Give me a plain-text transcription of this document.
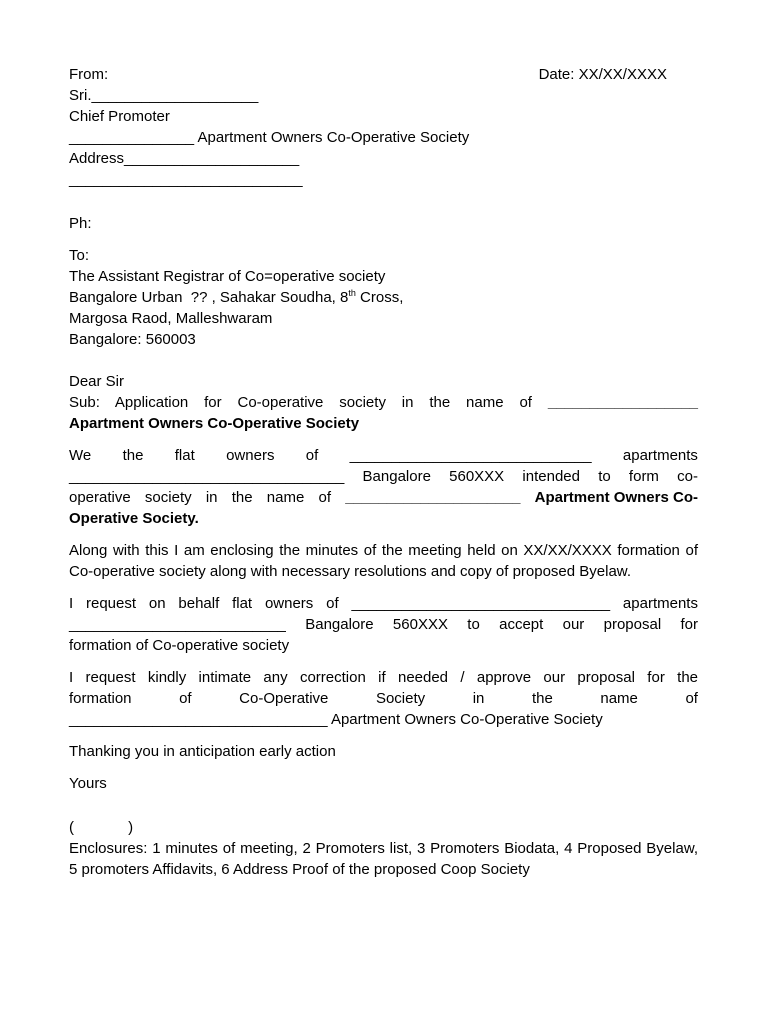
From:	Date: XX/XX/XXXX
Sri.____________________
Chief Promoter
_______________ Apartment Owners Co-Operative Society
Address_____________________
____________________________
Ph:
To:
The Assistant Registrar of Co=operative society
Bangalore Urban  ?? , Sahakar Soudha, 8th Cross,
Margosa Raod, Malleshwaram
Bangalore: 560003
Dear Sir
Sub: Application for Co-operative society in the name of __________________
Apartment Owners Co-Operative Society
We the flat owners of _____________________________ apartments
_________________________________ Bangalore 560XXX intended to form co-
operative society in the name of _____________________ Apartment Owners Co-
Operative Society.
Along with this I am enclosing the minutes of the meeting held on XX/XX/XXXX formation of Co-operative society along with necessary resolutions and copy of proposed Byelaw.
I request on behalf flat owners of _______________________________ apartments
__________________________ Bangalore 560XXX to accept our proposal for
formation of Co-operative society
I request kindly intimate any correction if needed / approve our proposal for the
formation	of	Co-Operative	Society	in	the	name	of
_______________________________ Apartment Owners Co-Operative Society
Thanking you in anticipation early action
Yours
(             )
Enclosures: 1 minutes of meeting, 2 Promoters list, 3 Promoters Biodata, 4 Proposed Byelaw, 5 promoters Affidavits, 6 Address Proof of the proposed Coop Society
